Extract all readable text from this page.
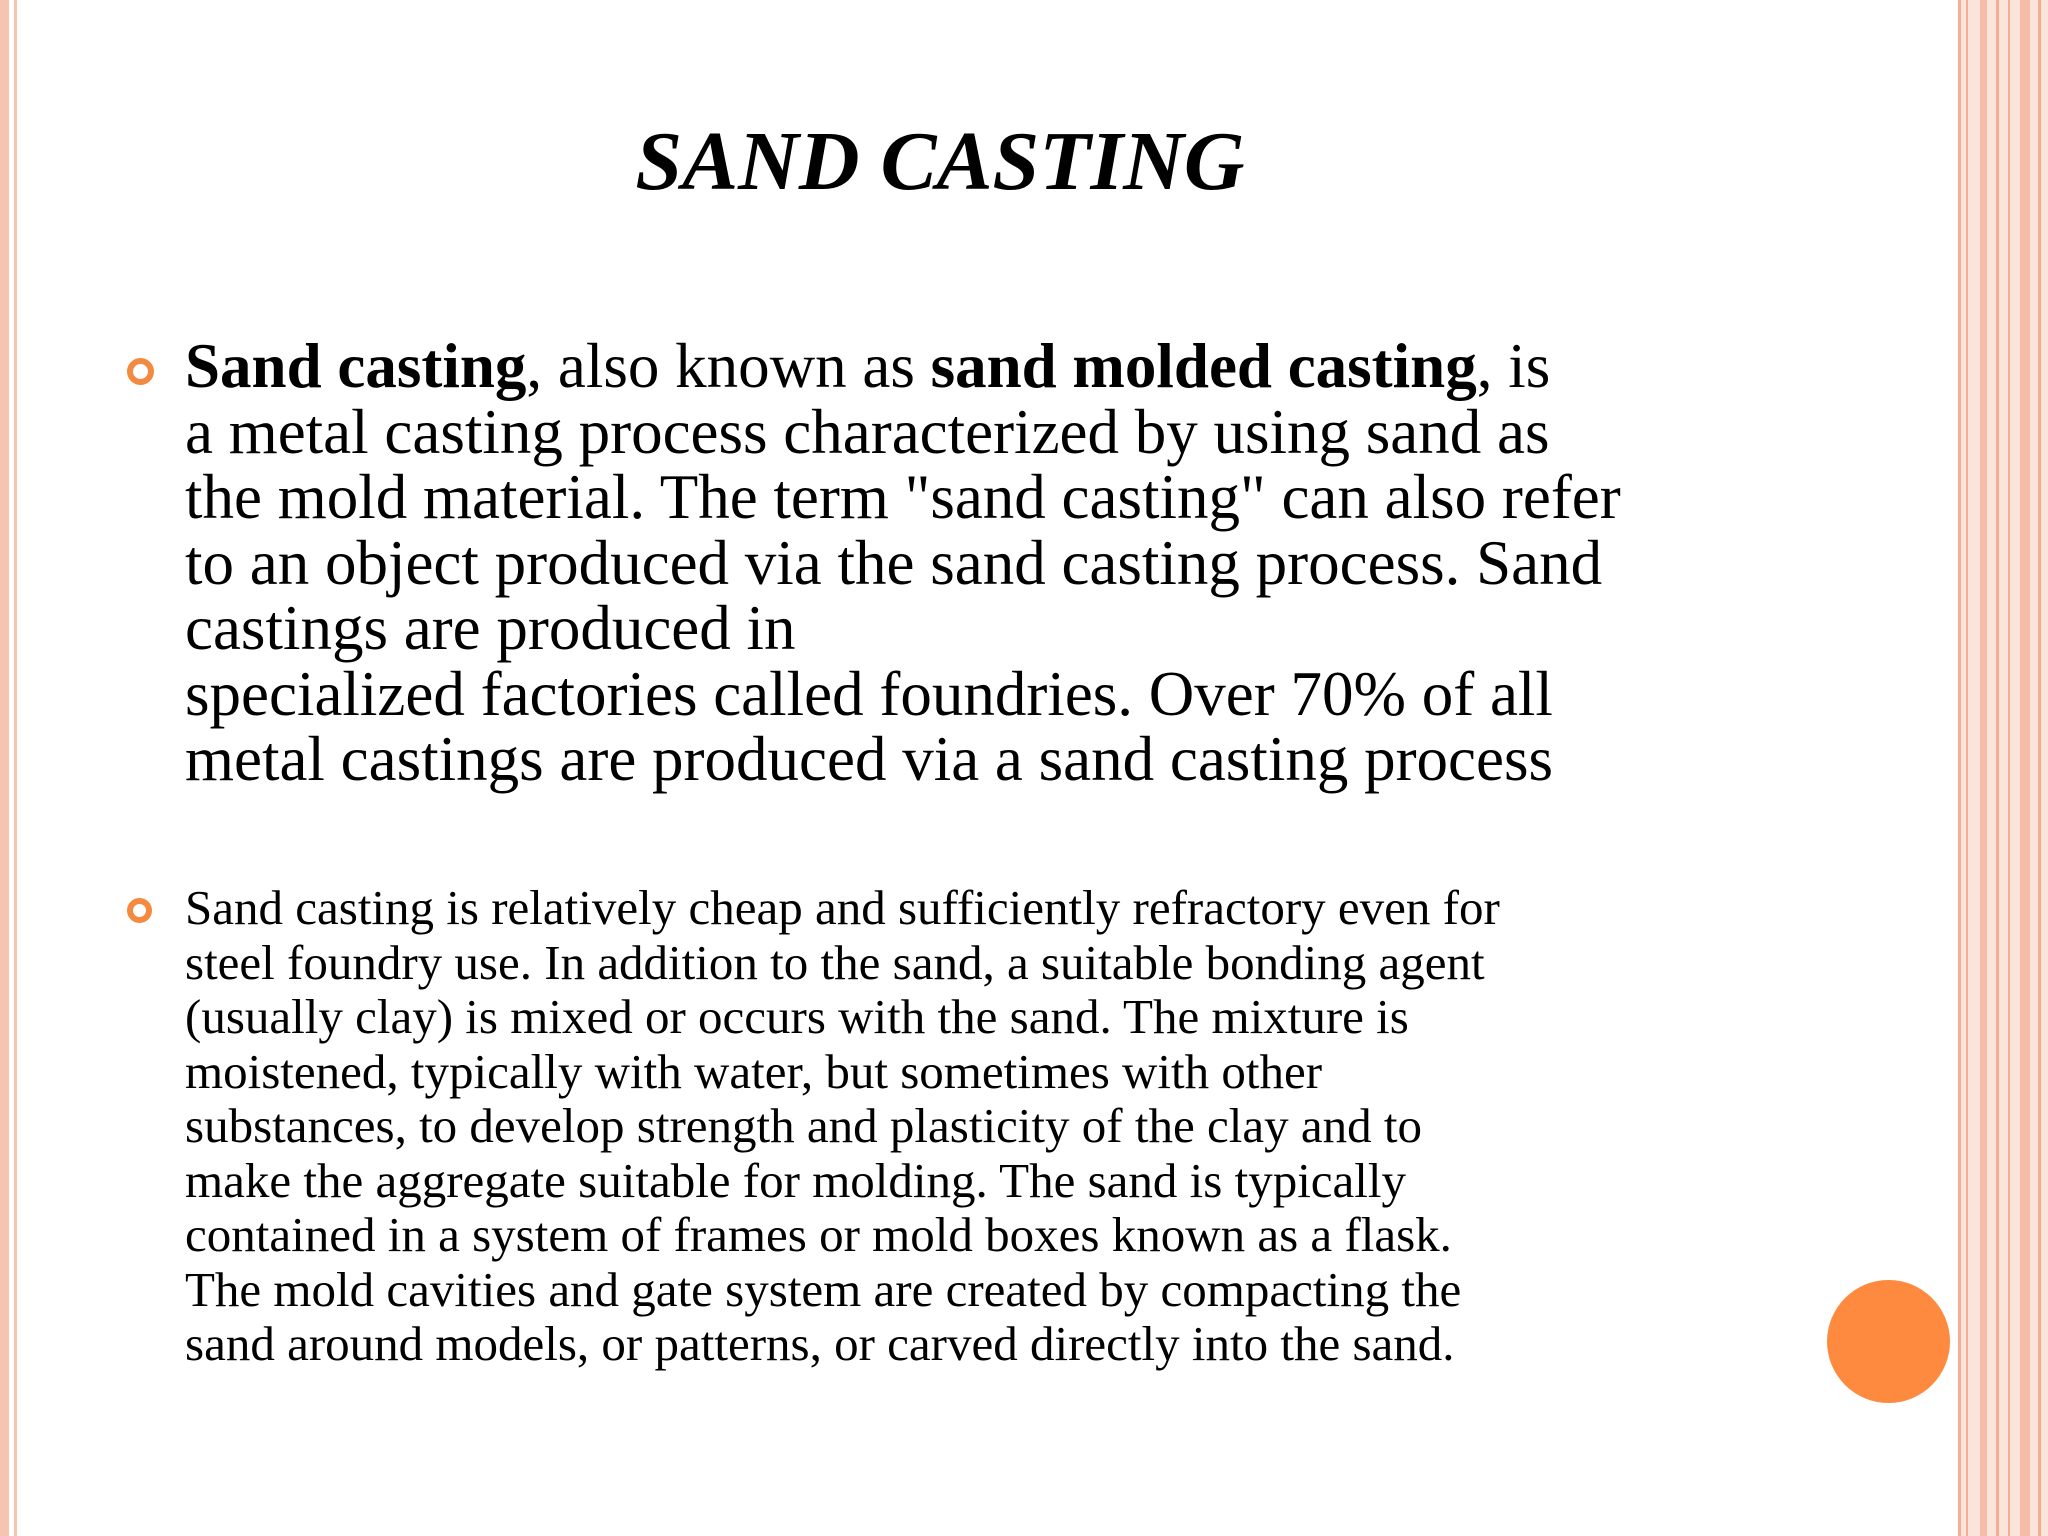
SAND CASTING
Sand casting, also known as sand molded casting, is
a metal casting process characterized by using sand as
the mold material. The term "sand casting" can also refer
to an object produced via the sand casting process. Sand
castings are produced in
specialized factories called foundries. Over 70% of all
metal castings are produced via a sand casting process
Sand casting is relatively cheap and sufficiently refractory even for
steel foundry use. In addition to the sand, a suitable bonding agent
(usually clay) is mixed or occurs with the sand. The mixture is
moistened, typically with water, but sometimes with other
substances, to develop strength and plasticity of the clay and to
make the aggregate suitable for molding. The sand is typically
contained in a system of frames or mold boxes known as a flask.
The mold cavities and gate system are created by compacting the
sand around models, or patterns, or carved directly into the sand.
